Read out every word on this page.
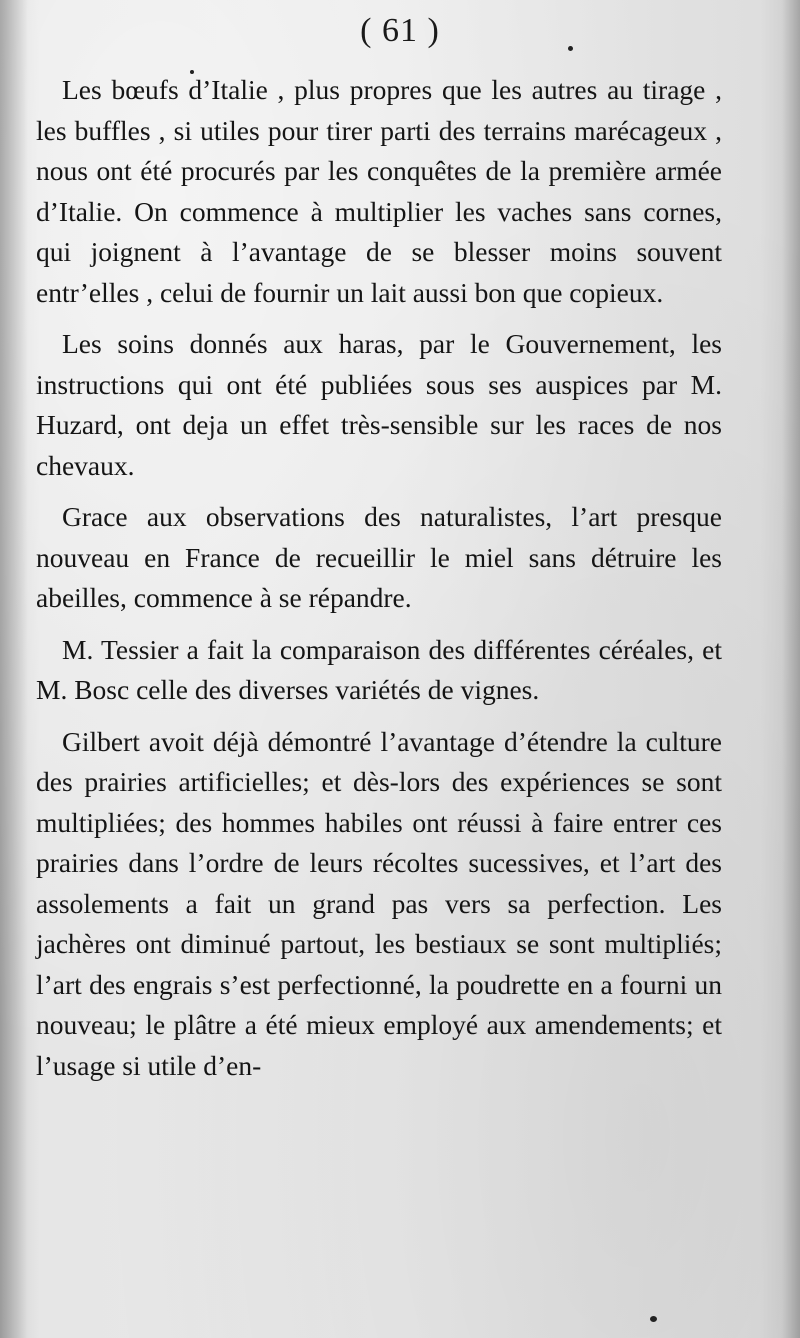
( 61 )

Les bœufs d’Italie , plus propres que les autres au tirage , les buffles , si utiles pour tirer parti des terrains marécageux , nous ont été procurés par les conquêtes de la première armée d’Italie. On commence à multiplier les vaches sans cornes, qui joignent à l’avantage de se blesser moins souvent entr’elles , celui de fournir un lait aussi bon que copieux.

Les soins donnés aux haras, par le Gouvernement, les instructions qui ont été publiées sous ses auspices par M. Huzard, ont deja un effet très-sensible sur les races de nos chevaux.

Grace aux observations des naturalistes, l’art presque nouveau en France de recueillir le miel sans détruire les abeilles, commence à se répandre.

M. Tessier a fait la comparaison des différentes céréales, et M. Bosc celle des diverses variétés de vignes.

Gilbert avoit déjà démontré l’avantage d’étendre la culture des prairies artificielles; et dès-lors des expériences se sont multipliées; des hommes habiles ont réussi à faire entrer ces prairies dans l’ordre de leurs récoltes sucessives, et l’art des assolements a fait un grand pas vers sa perfection. Les jachères ont diminué partout, les bestiaux se sont multipliés; l’art des engrais s’est perfectionné, la poudrette en a fourni un nouveau; le plâtre a été mieux employé aux amendements; et l’usage si utile d’en-
